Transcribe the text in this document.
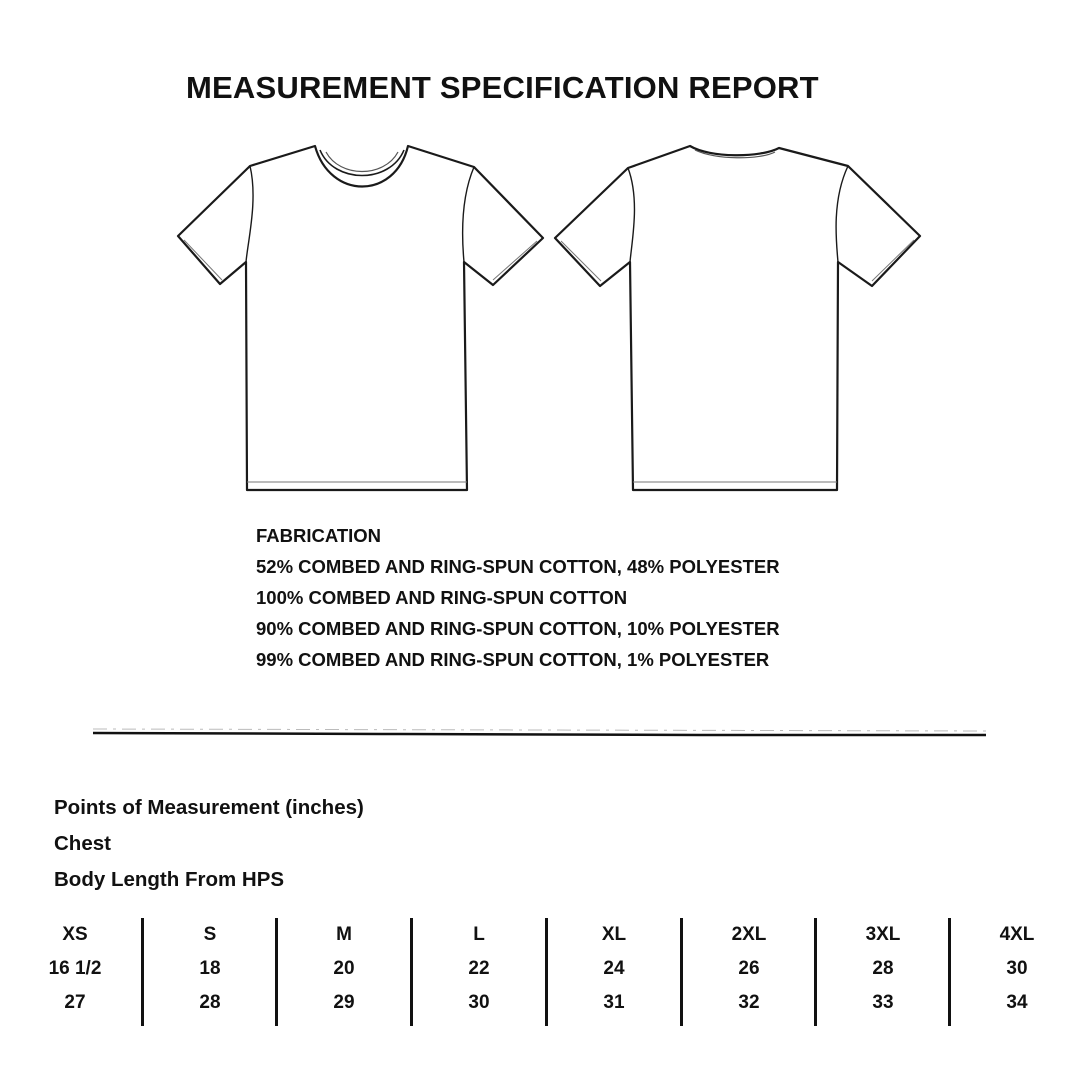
MEASUREMENT SPECIFICATION REPORT
FABRICATION
52% COMBED AND RING-SPUN COTTON, 48% POLYESTER
100% COMBED AND RING-SPUN COTTON
90% COMBED AND RING-SPUN COTTON, 10% POLYESTER
99% COMBED AND RING-SPUN COTTON, 1% POLYESTER
Points of Measurement (inches)
Chest
Body Length From HPS
XS
16 1/2
27
S
18
28
M
20
29
L
22
30
XL
24
31
2XL
26
32
3XL
28
33
4XL
30
34
